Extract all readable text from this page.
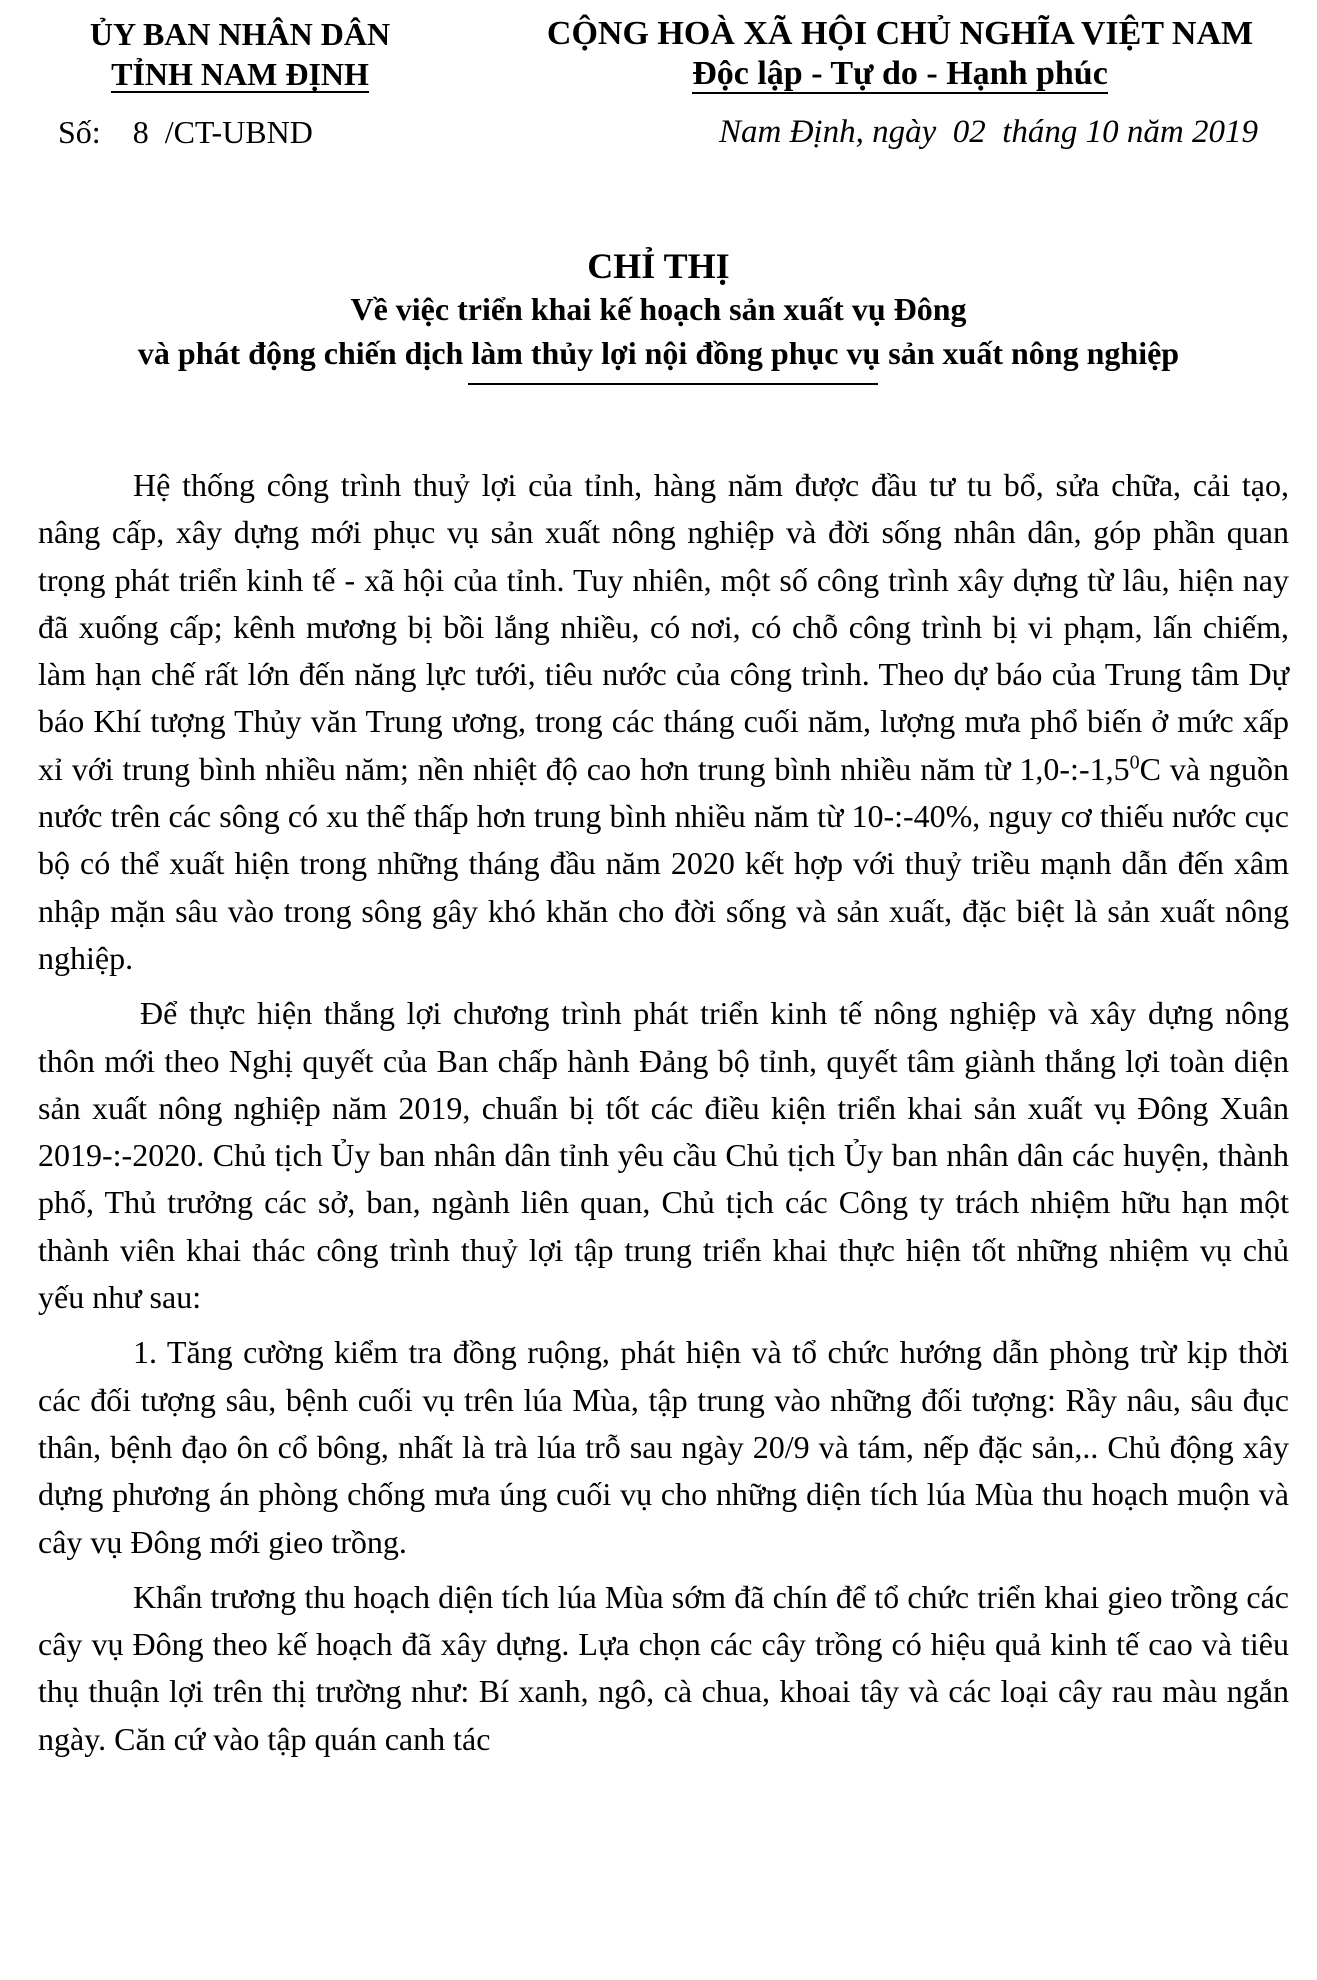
ỦY BAN NHÂN DÂN
TỈNH NAM ĐỊNH
CỘNG HOÀ XÃ HỘI CHỦ NGHĨA VIỆT NAM
Độc lập - Tự do - Hạnh phúc
Số:    8  /CT-UBND	Nam Định, ngày  02  tháng 10 năm 2019
CHỈ THỊ
Về việc triển khai kế hoạch sản xuất vụ Đông
và phát động chiến dịch làm thủy lợi nội đồng phục vụ sản xuất nông nghiệp

Hệ thống công trình thuỷ lợi của tỉnh, hàng năm được đầu tư tu bổ, sửa chữa, cải tạo, nâng cấp, xây dựng mới phục vụ sản xuất nông nghiệp và đời sống nhân dân, góp phần quan trọng phát triển kinh tế - xã hội của tỉnh. Tuy nhiên, một số công trình xây dựng từ lâu, hiện nay đã xuống cấp; kênh mương bị bồi lắng nhiều, có nơi, có chỗ công trình bị vi phạm, lấn chiếm, làm hạn chế rất lớn đến năng lực tưới, tiêu nước của công trình. Theo dự báo của Trung tâm Dự báo Khí tượng Thủy văn Trung ương, trong các tháng cuối năm, lượng mưa phổ biến ở mức xấp xỉ với trung bình nhiều năm; nền nhiệt độ cao hơn trung bình nhiều năm từ $1,0-:-1,5^0C$ và nguồn nước trên các sông có xu thế thấp hơn trung bình nhiều năm từ 10-:-40%, nguy cơ thiếu nước cục bộ có thể xuất hiện trong những tháng đầu năm 2020 kết hợp với thuỷ triều mạnh dẫn đến xâm nhập mặn sâu vào trong sông gây khó khăn cho đời sống và sản xuất, đặc biệt là sản xuất nông nghiệp.

Để thực hiện thắng lợi chương trình phát triển kinh tế nông nghiệp và xây dựng nông thôn mới theo Nghị quyết của Ban chấp hành Đảng bộ tỉnh, quyết tâm giành thắng lợi toàn diện sản xuất nông nghiệp năm 2019, chuẩn bị tốt các điều kiện triển khai sản xuất vụ Đông Xuân 2019-:-2020. Chủ tịch Ủy ban nhân dân tỉnh yêu cầu Chủ tịch Ủy ban nhân dân các huyện, thành phố, Thủ trưởng các sở, ban, ngành liên quan, Chủ tịch các Công ty trách nhiệm hữu hạn một thành viên khai thác công trình thuỷ lợi tập trung triển khai thực hiện tốt những nhiệm vụ chủ yếu như sau:

1. Tăng cường kiểm tra đồng ruộng, phát hiện và tổ chức hướng dẫn phòng trừ kịp thời các đối tượng sâu, bệnh cuối vụ trên lúa Mùa, tập trung vào những đối tượng: Rầy nâu, sâu đục thân, bệnh đạo ôn cổ bông, nhất là trà lúa trỗ sau ngày 20/9 và tám, nếp đặc sản,.. Chủ động xây dựng phương án phòng chống mưa úng cuối vụ cho những diện tích lúa Mùa thu hoạch muộn và cây vụ Đông mới gieo trồng.

Khẩn trương thu hoạch diện tích lúa Mùa sớm đã chín để tổ chức triển khai gieo trồng các cây vụ Đông theo kế hoạch đã xây dựng. Lựa chọn các cây trồng có hiệu quả kinh tế cao và tiêu thụ thuận lợi trên thị trường như: Bí xanh, ngô, cà chua, khoai tây và các loại cây rau màu ngắn ngày. Căn cứ vào tập quán canh tác
